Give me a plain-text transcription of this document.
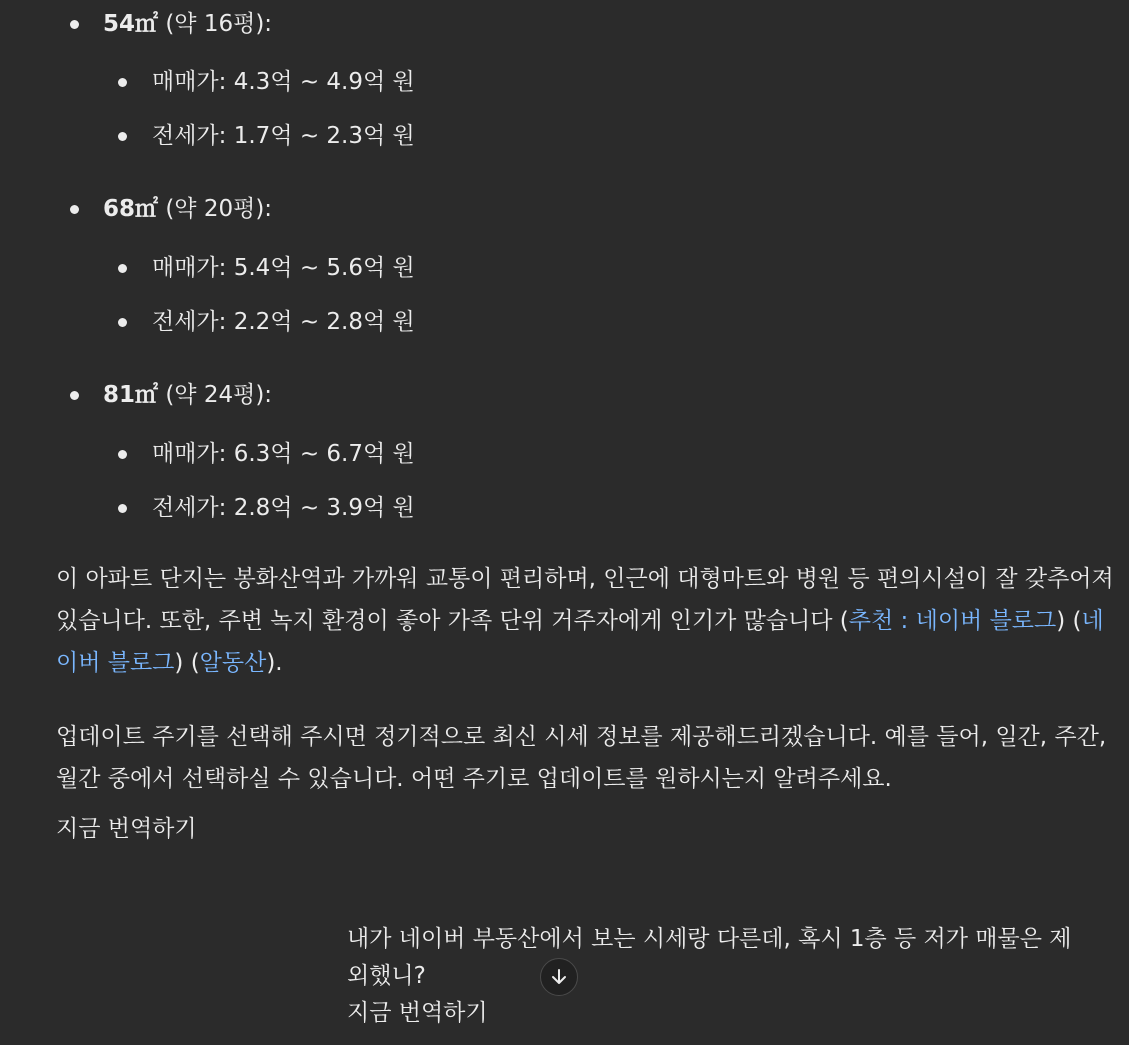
54㎡ (약 16평):
매매가: 4.3억 ~ 4.9억 원
전세가: 1.7억 ~ 2.3억 원
68㎡ (약 20평):
매매가: 5.4억 ~ 5.6억 원
전세가: 2.2억 ~ 2.8억 원
81㎡ (약 24평):
매매가: 6.3억 ~ 6.7억 원
전세가: 2.8억 ~ 3.9억 원
이 아파트 단지는 봉화산역과 가까워 교통이 편리하며, 인근에 대형마트와 병원 등 편의시설이 잘 갖추어져 있습니다. 또한, 주변 녹지 환경이 좋아 가족 단위 거주자에게 인기가 많습니다 (추천 : 네이버 블로그) (네이버 블로그) (알동산).
업데이트 주기를 선택해 주시면 정기적으로 최신 시세 정보를 제공해드리겠습니다. 예를 들어, 일간, 주간, 월간 중에서 선택하실 수 있습니다. 어떤 주기로 업데이트를 원하시는지 알려주세요.
지금 번역하기
내가 네이버 부동산에서 보는 시세랑 다른데, 혹시 1층 등 저가 매물은 제외했니?
지금 번역하기
